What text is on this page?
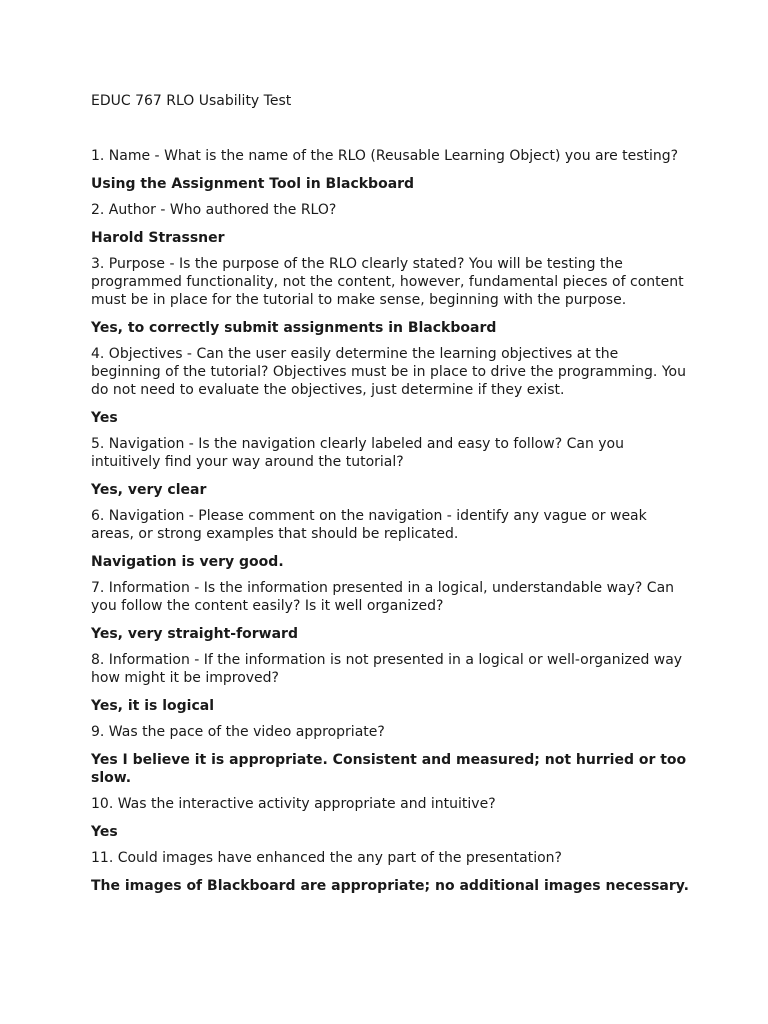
EDUC 767 RLO Usability Test

1. Name - What is the name of the RLO (Reusable Learning Object) you are testing?

Using the Assignment Tool in Blackboard

2. Author - Who authored the RLO?

Harold Strassner

3. Purpose - Is the purpose of the RLO clearly stated? You will be testing the programmed functionality, not the content, however, fundamental pieces of content must be in place for the tutorial to make sense, beginning with the purpose.

Yes, to correctly submit assignments in Blackboard

4. Objectives - Can the user easily determine the learning objectives at the beginning of the tutorial? Objectives must be in place to drive the programming. You do not need to evaluate the objectives, just determine if they exist.

Yes

5. Navigation - Is the navigation clearly labeled and easy to follow? Can you intuitively find your way around the tutorial?

Yes, very clear

6. Navigation - Please comment on the navigation - identify any vague or weak areas, or strong examples that should be replicated.

Navigation is very good.

7. Information - Is the information presented in a logical, understandable way? Can you follow the content easily? Is it well organized?

Yes, very straight-forward

8. Information - If the information is not presented in a logical or well-organized way how might it be improved?

Yes, it is logical

9. Was the pace of the video appropriate?

Yes I believe it is appropriate. Consistent and measured; not hurried or too slow.

10. Was the interactive activity appropriate and intuitive?

Yes

11. Could images have enhanced the any part of the presentation?

The images of Blackboard are appropriate; no additional images necessary.
